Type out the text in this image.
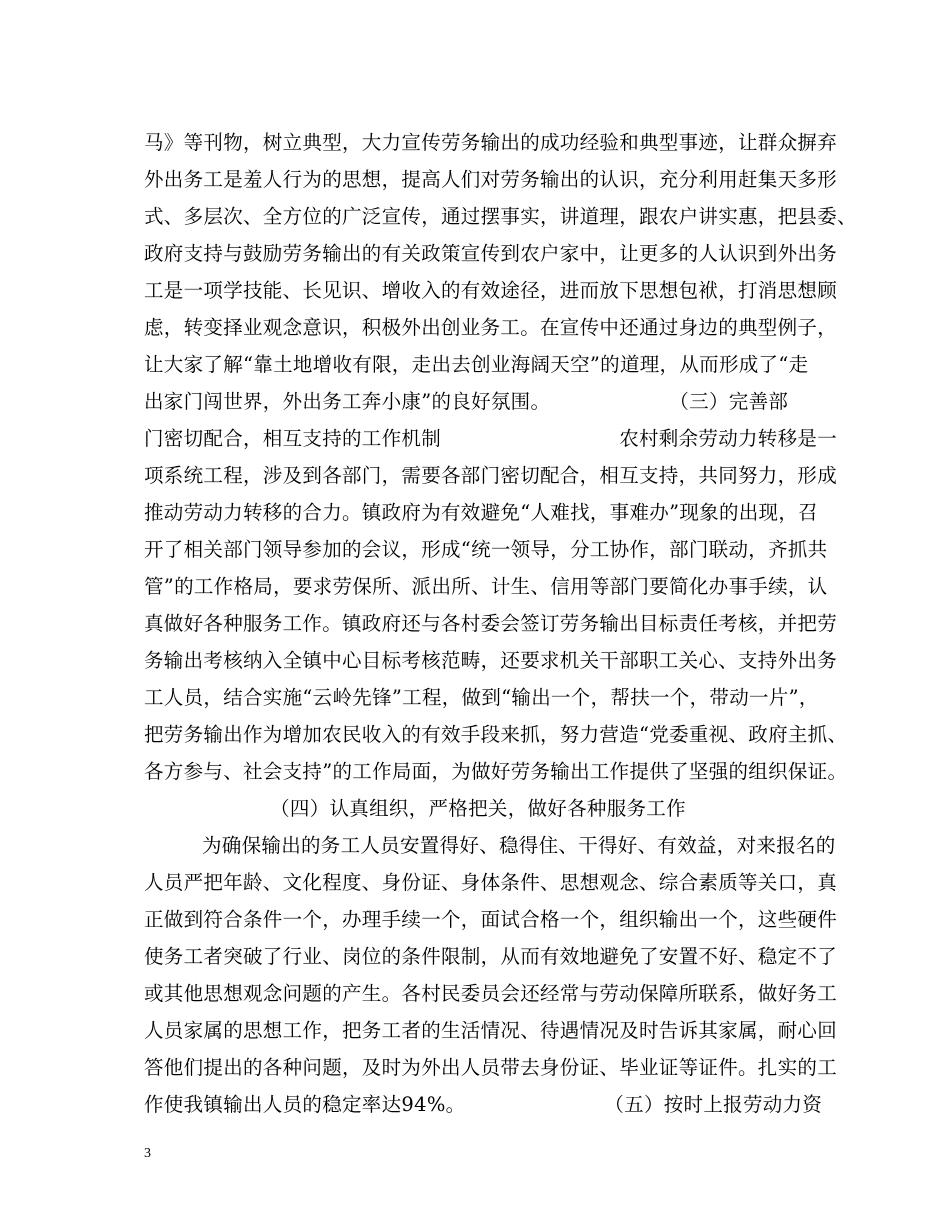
马》等刊物，树立典型，大力宣传劳务输出的成功经验和典型事迹，让群众摒弃
外出务工是羞人行为的思想，提高人们对劳务输出的认识，充分利用赶集天多形
式、多层次、全方位的广泛宣传，通过摆事实，讲道理，跟农户讲实惠，把县委、
政府支持与鼓励劳务输出的有关政策宣传到农户家中，让更多的人认识到外出务
工是一项学技能、长见识、增收入的有效途径，进而放下思想包袱，打消思想顾
虑，转变择业观念意识，积极外出创业务工。在宣传中还通过身边的典型例子，
让大家了解“靠土地增收有限，走出去创业海阔天空”的道理，从而形成了“走
出家门闯世界，外出务工奔小康”的良好氛围。　　　　　　　（三）完善部
门密切配合，相互支持的工作机制　　　　　　　　　农村剩余劳动力转移是一
项系统工程，涉及到各部门，需要各部门密切配合，相互支持，共同努力，形成
推动劳动力转移的合力。镇政府为有效避免“人难找，事难办”现象的出现，召
开了相关部门领导参加的会议，形成“统一领导，分工协作，部门联动，齐抓共
管”的工作格局，要求劳保所、派出所、计生、信用等部门要简化办事手续，认
真做好各种服务工作。镇政府还与各村委会签订劳务输出目标责任考核，并把劳
务输出考核纳入全镇中心目标考核范畴，还要求机关干部职工关心、支持外出务
工人员，结合实施“云岭先锋”工程，做到“输出一个，帮扶一个，带动一片”，
把劳务输出作为增加农民收入的有效手段来抓，努力营造“党委重视、政府主抓、
各方参与、社会支持”的工作局面，为做好劳务输出工作提供了坚强的组织保证。
（四）认真组织，严格把关，做好各种服务工作
为确保输出的务工人员安置得好、稳得住、干得好、有效益，对来报名的
人员严把年龄、文化程度、身份证、身体条件、思想观念、综合素质等关口，真
正做到符合条件一个，办理手续一个，面试合格一个，组织输出一个，这些硬件
使务工者突破了行业、岗位的条件限制，从而有效地避免了安置不好、稳定不了
或其他思想观念问题的产生。各村民委员会还经常与劳动保障所联系，做好务工
人员家属的思想工作，把务工者的生活情况、待遇情况及时告诉其家属，耐心回
答他们提出的各种问题，及时为外出人员带去身份证、毕业证等证件。扎实的工
作使我镇输出人员的稳定率达94%。　　　　　　　　（五）按时上报劳动力资
3
